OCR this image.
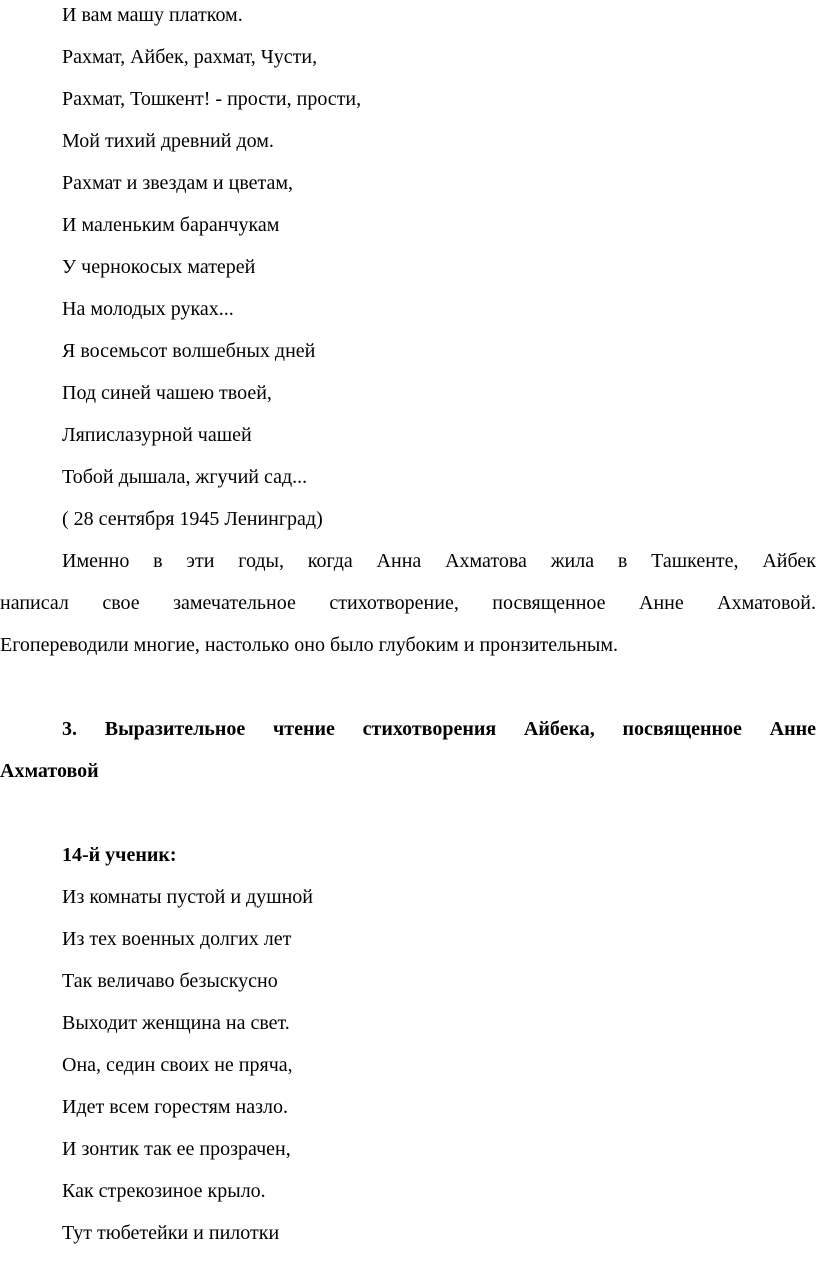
И вам машу платком.
Рахмат, Айбек, рахмат, Чусти,
Рахмат, Тошкент! - прости, прости,
Мой тихий древний дом.
Рахмат и звездам и цветам,
И маленьким баранчукам
У чернокосых матерей
На молодых руках...
Я восемьсот волшебных дней
Под синей чашею твоей,
Ляпислазурной чашей
Тобой дышала, жгучий сад...
( 28 сентября 1945 Ленинград)
Именно в эти годы, когда Анна Ахматова жила в Ташкенте, Айбек
написал свое замечательное стихотворение, посвященное Анне Ахматовой.
Егопереводили многие, настолько оно было глубоким и пронзительным.
3. Выразительное чтение стихотворения Айбека, посвященное Анне
Ахматовой
14-й ученик:
Из комнаты пустой и душной
Из тех военных долгих лет
Так величаво безыскусно
Выходит женщина на свет.
Она, седин своих не пряча,
Идет всем горестям назло.
И зонтик так ее прозрачен,
Как стрекозиное крыло.
Тут тюбетейки и пилотки
